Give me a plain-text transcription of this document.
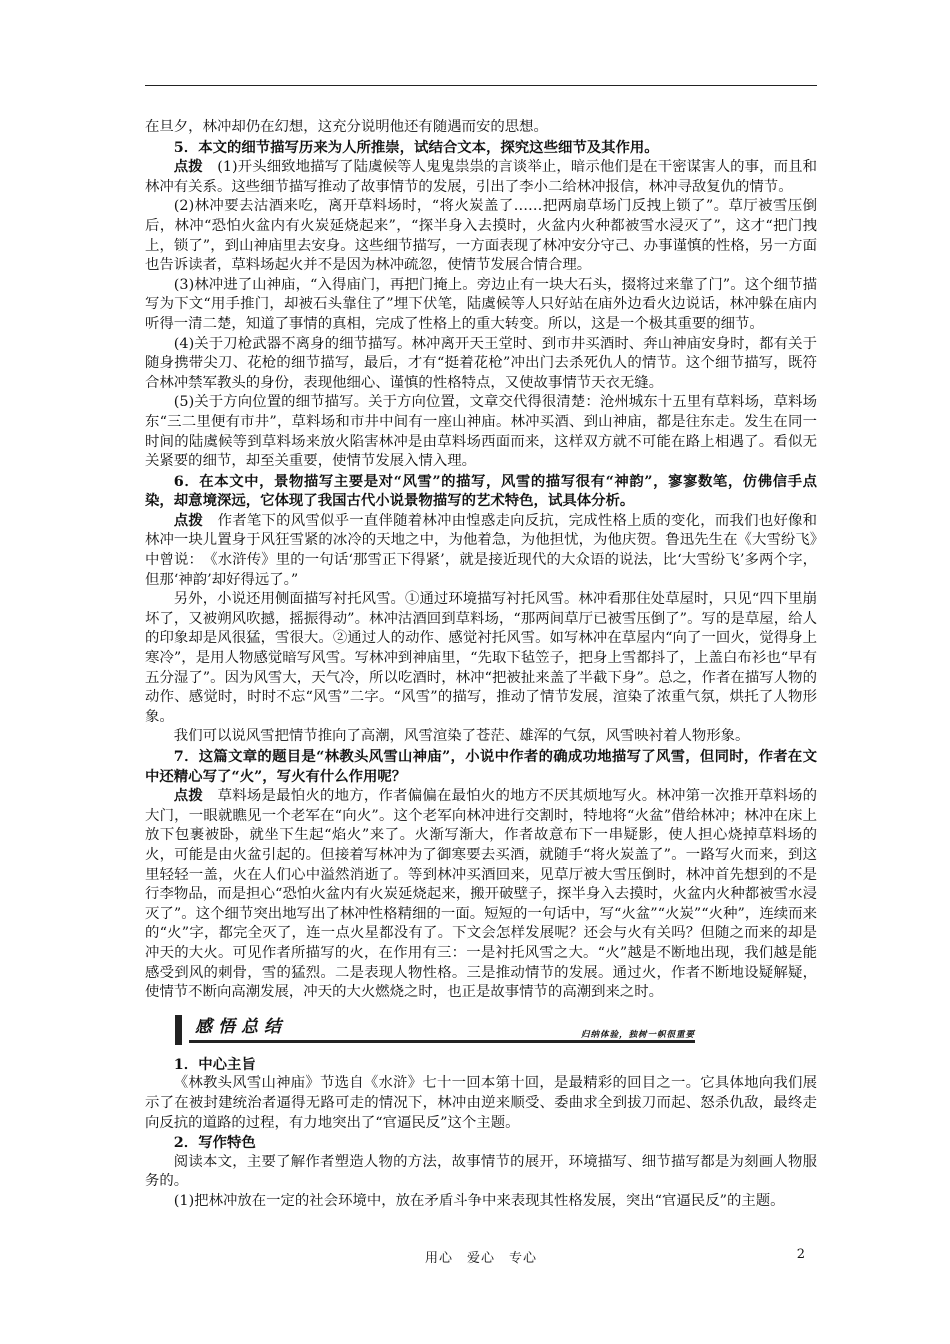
在旦夕，林冲却仍在幻想，这充分说明他还有随遇而安的思想。

5．本文的细节描写历来为人所推崇，试结合文本，探究这些细节及其作用。

点拨　(1)开头细致地描写了陆虞候等人鬼鬼祟祟的言谈举止，暗示他们是在干密谋害人的事，而且和林冲有关系。这些细节描写推动了故事情节的发展，引出了李小二给林冲报信，林冲寻敌复仇的情节。

(2)林冲要去沽酒来吃，离开草料场时，“将火炭盖了……把两扇草场门反拽上锁了”。草厅被雪压倒后，林冲“恐怕火盆内有火炭延烧起来”，“探半身入去摸时，火盆内火种都被雪水浸灭了”，这才“把门拽上，锁了”，到山神庙里去安身。这些细节描写，一方面表现了林冲安分守己、办事谨慎的性格，另一方面也告诉读者，草料场起火并不是因为林冲疏忽，使情节发展合情合理。

(3)林冲进了山神庙，“入得庙门，再把门掩上。旁边止有一块大石头，掇将过来靠了门”。这个细节描写为下文“用手推门，却被石头靠住了”埋下伏笔，陆虞候等人只好站在庙外边看火边说话，林冲躲在庙内听得一清二楚，知道了事情的真相，完成了性格上的重大转变。所以，这是一个极其重要的细节。

(4)关于刀枪武器不离身的细节描写。林冲离开天王堂时、到市井买酒时、奔山神庙安身时，都有关于随身携带尖刀、花枪的细节描写，最后，才有“挺着花枪”冲出门去杀死仇人的情节。这个细节描写，既符合林冲禁军教头的身份，表现他细心、谨慎的性格特点，又使故事情节天衣无缝。

(5)关于方向位置的细节描写。关于方向位置，文章交代得很清楚：沧州城东十五里有草料场，草料场东“三二里便有市井”，草料场和市井中间有一座山神庙。林冲买酒、到山神庙，都是往东走。发生在同一时间的陆虞候等到草料场来放火陷害林冲是由草料场西面而来，这样双方就不可能在路上相遇了。看似无关紧要的细节，却至关重要，使情节发展入情入理。

6．在本文中，景物描写主要是对“风雪”的描写，风雪的描写很有“神韵”，寥寥数笔，仿佛信手点染，却意境深远，它体现了我国古代小说景物描写的艺术特色，试具体分析。

点拨　作者笔下的风雪似乎一直伴随着林冲由惶惑走向反抗，完成性格上质的变化，而我们也好像和林冲一块儿置身于风狂雪紧的冰冷的天地之中，为他着急，为他担忧，为他庆贺。鲁迅先生在《大雪纷飞》中曾说：　《水浒传》里的一句话‘那雪正下得紧’，就是接近现代的大众语的说法，比‘大雪纷飞’多两个字，但那‘神韵’却好得远了。”

另外，小说还用侧面描写衬托风雪。①通过环境描写衬托风雪。林冲看那住处草屋时，只见“四下里崩坏了，又被朔风吹撼，摇振得动”。林冲沽酒回到草料场，“那两间草厅已被雪压倒了”。写的是草屋，给人的印象却是风很猛，雪很大。②通过人的动作、感觉衬托风雪。如写林冲在草屋内“向了一回火，觉得身上寒冷”，是用人物感觉暗写风雪。写林冲到神庙里，“先取下毡笠子，把身上雪都抖了，上盖白布衫也“早有五分湿了”。因为风雪大，天气冷，所以吃酒时，林冲“把被扯来盖了半截下身”。总之，作者在描写人物的动作、感觉时，时时不忘“风雪”二字。“风雪”的描写，推动了情节发展，渲染了浓重气氛，烘托了人物形象。

我们可以说风雪把情节推向了高潮，风雪渲染了苍茫、雄浑的气氛，风雪映衬着人物形象。

7．这篇文章的题目是“林教头风雪山神庙”，小说中作者的确成功地描写了风雪，但同时，作者在文中还精心写了“火”，写火有什么作用呢？

点拨　草料场是最怕火的地方，作者偏偏在最怕火的地方不厌其烦地写火。林冲第一次推开草料场的大门，一眼就瞧见一个老军在“向火”。这个老军向林冲进行交割时，特地将“火盆”借给林冲；林冲在床上放下包裹被卧，就坐下生起“焰火”来了。火渐写渐大，作者故意布下一串疑影，使人担心烧掉草料场的火，可能是由火盆引起的。但接着写林冲为了御寒要去买酒，就随手“将火炭盖了”。一路写火而来，到这里轻轻一盖，火在人们心中溢然消逝了。等到林冲买酒回来，见草厅被大雪压倒时，林冲首先想到的不是行李物品，而是担心“恐怕火盆内有火炭延烧起来，搬开破壁子，探半身入去摸时，火盆内火种都被雪水浸灭了”。这个细节突出地写出了林冲性格精细的一面。短短的一句话中，写“火盆”“火炭”“火种”，连续而来的“火”字，都完全灭了，连一点火星都没有了。下文会怎样发展呢？还会与火有关吗？但随之而来的却是冲天的大火。可见作者所描写的火，在作用有三：一是衬托风雪之大。“火”越是不断地出现，我们越是能感受到风的刺骨，雪的猛烈。二是表现人物性格。三是推动情节的发展。通过火，作者不断地设疑解疑，使情节不断向高潮发展，冲天的大火燃烧之时，也正是故事情节的高潮到来之时。

感悟总结	归纳体验，独树一帜很重要

1．中心主旨

《林教头风雪山神庙》节选自《水浒》七十一回本第十回，是最精彩的回目之一。它具体地向我们展示了在被封建统治者逼得无路可走的情况下，林冲由逆来顺受、委曲求全到拔刀而起、怒杀仇敌，最终走向反抗的道路的过程，有力地突出了“官逼民反”这个主题。

2．写作特色

阅读本文，主要了解作者塑造人物的方法，故事情节的展开，环境描写、细节描写都是为刻画人物服务的。

(1)把林冲放在一定的社会环境中，放在矛盾斗争中来表现其性格发展，突出“官逼民反”的主题。

用心　爱心　专心	2
